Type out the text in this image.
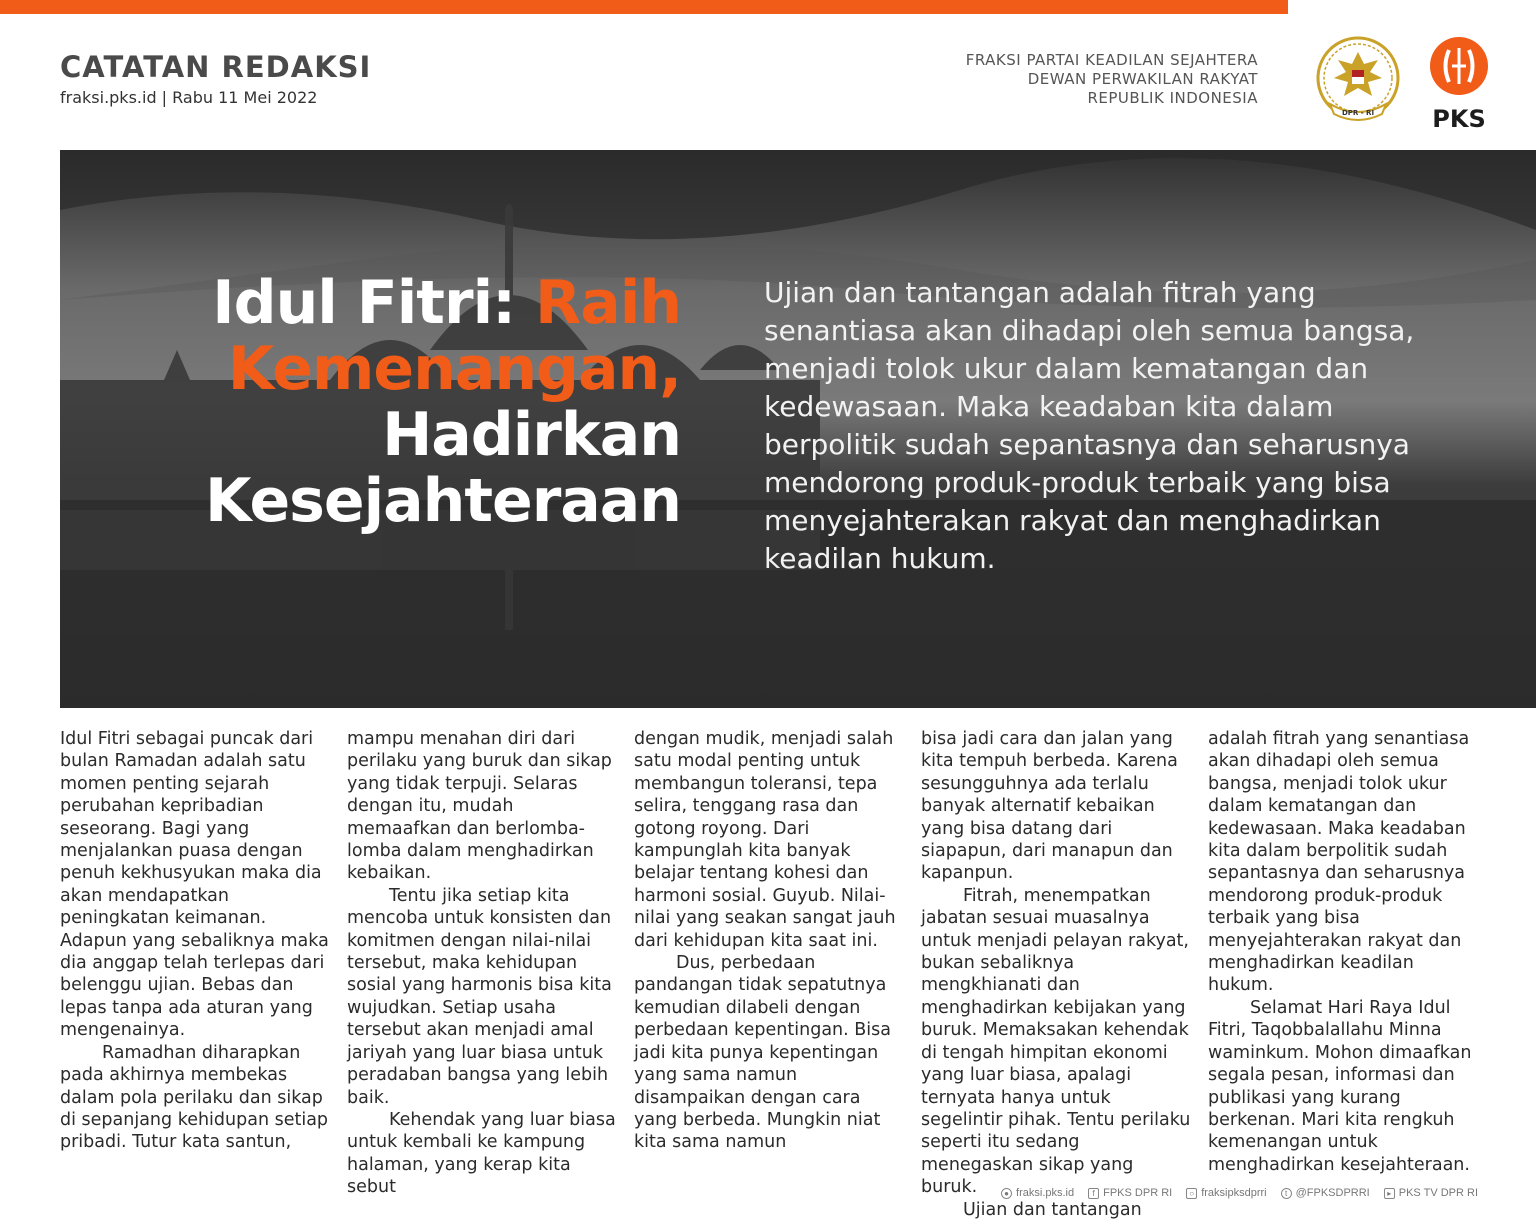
CATATAN REDAKSI
fraksi.pks.id | Rabu 11 Mei 2022
FRAKSI PARTAI KEADILAN SEJAHTERA
DEWAN PERWAKILAN RAKYAT
REPUBLIK INDONESIA
DPR - RI	PKS
Idul Fitri: Raih
Kemenangan,
Hadirkan
Kesejahteraan
Ujian dan tantangan adalah fitrah yang senantiasa akan dihadapi oleh semua bangsa, menjadi tolok ukur dalam kematangan dan kedewasaan. Maka keadaban kita dalam berpolitik sudah sepantasnya dan seharusnya mendorong produk-produk terbaik yang bisa menyejahterakan rakyat dan menghadirkan keadilan hukum.

Idul Fitri sebagai puncak dari bulan Ramadan adalah satu momen penting sejarah perubahan kepribadian seseorang. Bagi yang menjalankan puasa dengan penuh kekhusyukan maka dia akan mendapatkan peningkatan keimanan. Adapun yang sebaliknya maka dia anggap telah terlepas dari belenggu ujian. Bebas dan lepas tanpa ada aturan yang mengenainya.

Ramadhan diharapkan pada akhirnya membekas dalam pola perilaku dan sikap di sepanjang kehidupan setiap pribadi. Tutur kata santun,

mampu menahan diri dari perilaku yang buruk dan sikap yang tidak terpuji. Selaras dengan itu, mudah memaafkan dan berlomba-lomba dalam menghadirkan kebaikan.

Tentu jika setiap kita mencoba untuk konsisten dan komitmen dengan nilai-nilai tersebut, maka kehidupan sosial yang harmonis bisa kita wujudkan. Setiap usaha tersebut akan menjadi amal jariyah yang luar biasa untuk peradaban bangsa yang lebih baik.

Kehendak yang luar biasa untuk kembali ke kampung halaman, yang kerap kita sebut

dengan mudik, menjadi salah satu modal penting untuk membangun toleransi, tepa selira, tenggang rasa dan gotong royong. Dari kampunglah kita banyak belajar tentang kohesi dan harmoni sosial. Guyub. Nilai-nilai yang seakan sangat jauh dari kehidupan kita saat ini.

Dus, perbedaan pandangan tidak sepatutnya kemudian dilabeli dengan perbedaan kepentingan. Bisa jadi kita punya kepentingan yang sama namun disampaikan dengan cara yang berbeda. Mungkin niat kita sama namun

bisa jadi cara dan jalan yang kita tempuh berbeda. Karena sesungguhnya ada terlalu banyak alternatif kebaikan yang bisa datang dari siapapun, dari manapun dan kapanpun.

Fitrah, menempatkan jabatan sesuai muasalnya untuk menjadi pelayan rakyat, bukan sebaliknya mengkhianati dan menghadirkan kebijakan yang buruk. Memaksakan kehendak di tengah himpitan ekonomi yang luar biasa, apalagi ternyata hanya untuk segelintir pihak. Tentu perilaku seperti itu sedang menegaskan sikap yang buruk.

Ujian dan tantangan

adalah fitrah yang senantiasa akan dihadapi oleh semua bangsa, menjadi tolok ukur dalam kematangan dan kedewasaan. Maka keadaban kita dalam berpolitik sudah sepantasnya dan seharusnya mendorong produk-produk terbaik yang bisa menyejahterakan rakyat dan menghadirkan keadilan hukum.

Selamat Hari Raya Idul Fitri, Taqobbalallahu Minna waminkum. Mohon dimaafkan segala pesan, informasi dan publikasi yang kurang berkenan. Mari kita rengkuh kemenangan untuk menghadirkan kesejahteraan.

● fraksi.pks.id	f FPKS DPR RI	○ fraksipksdprri	t @FPKSDPRRI	▸ PKS TV DPR RI
